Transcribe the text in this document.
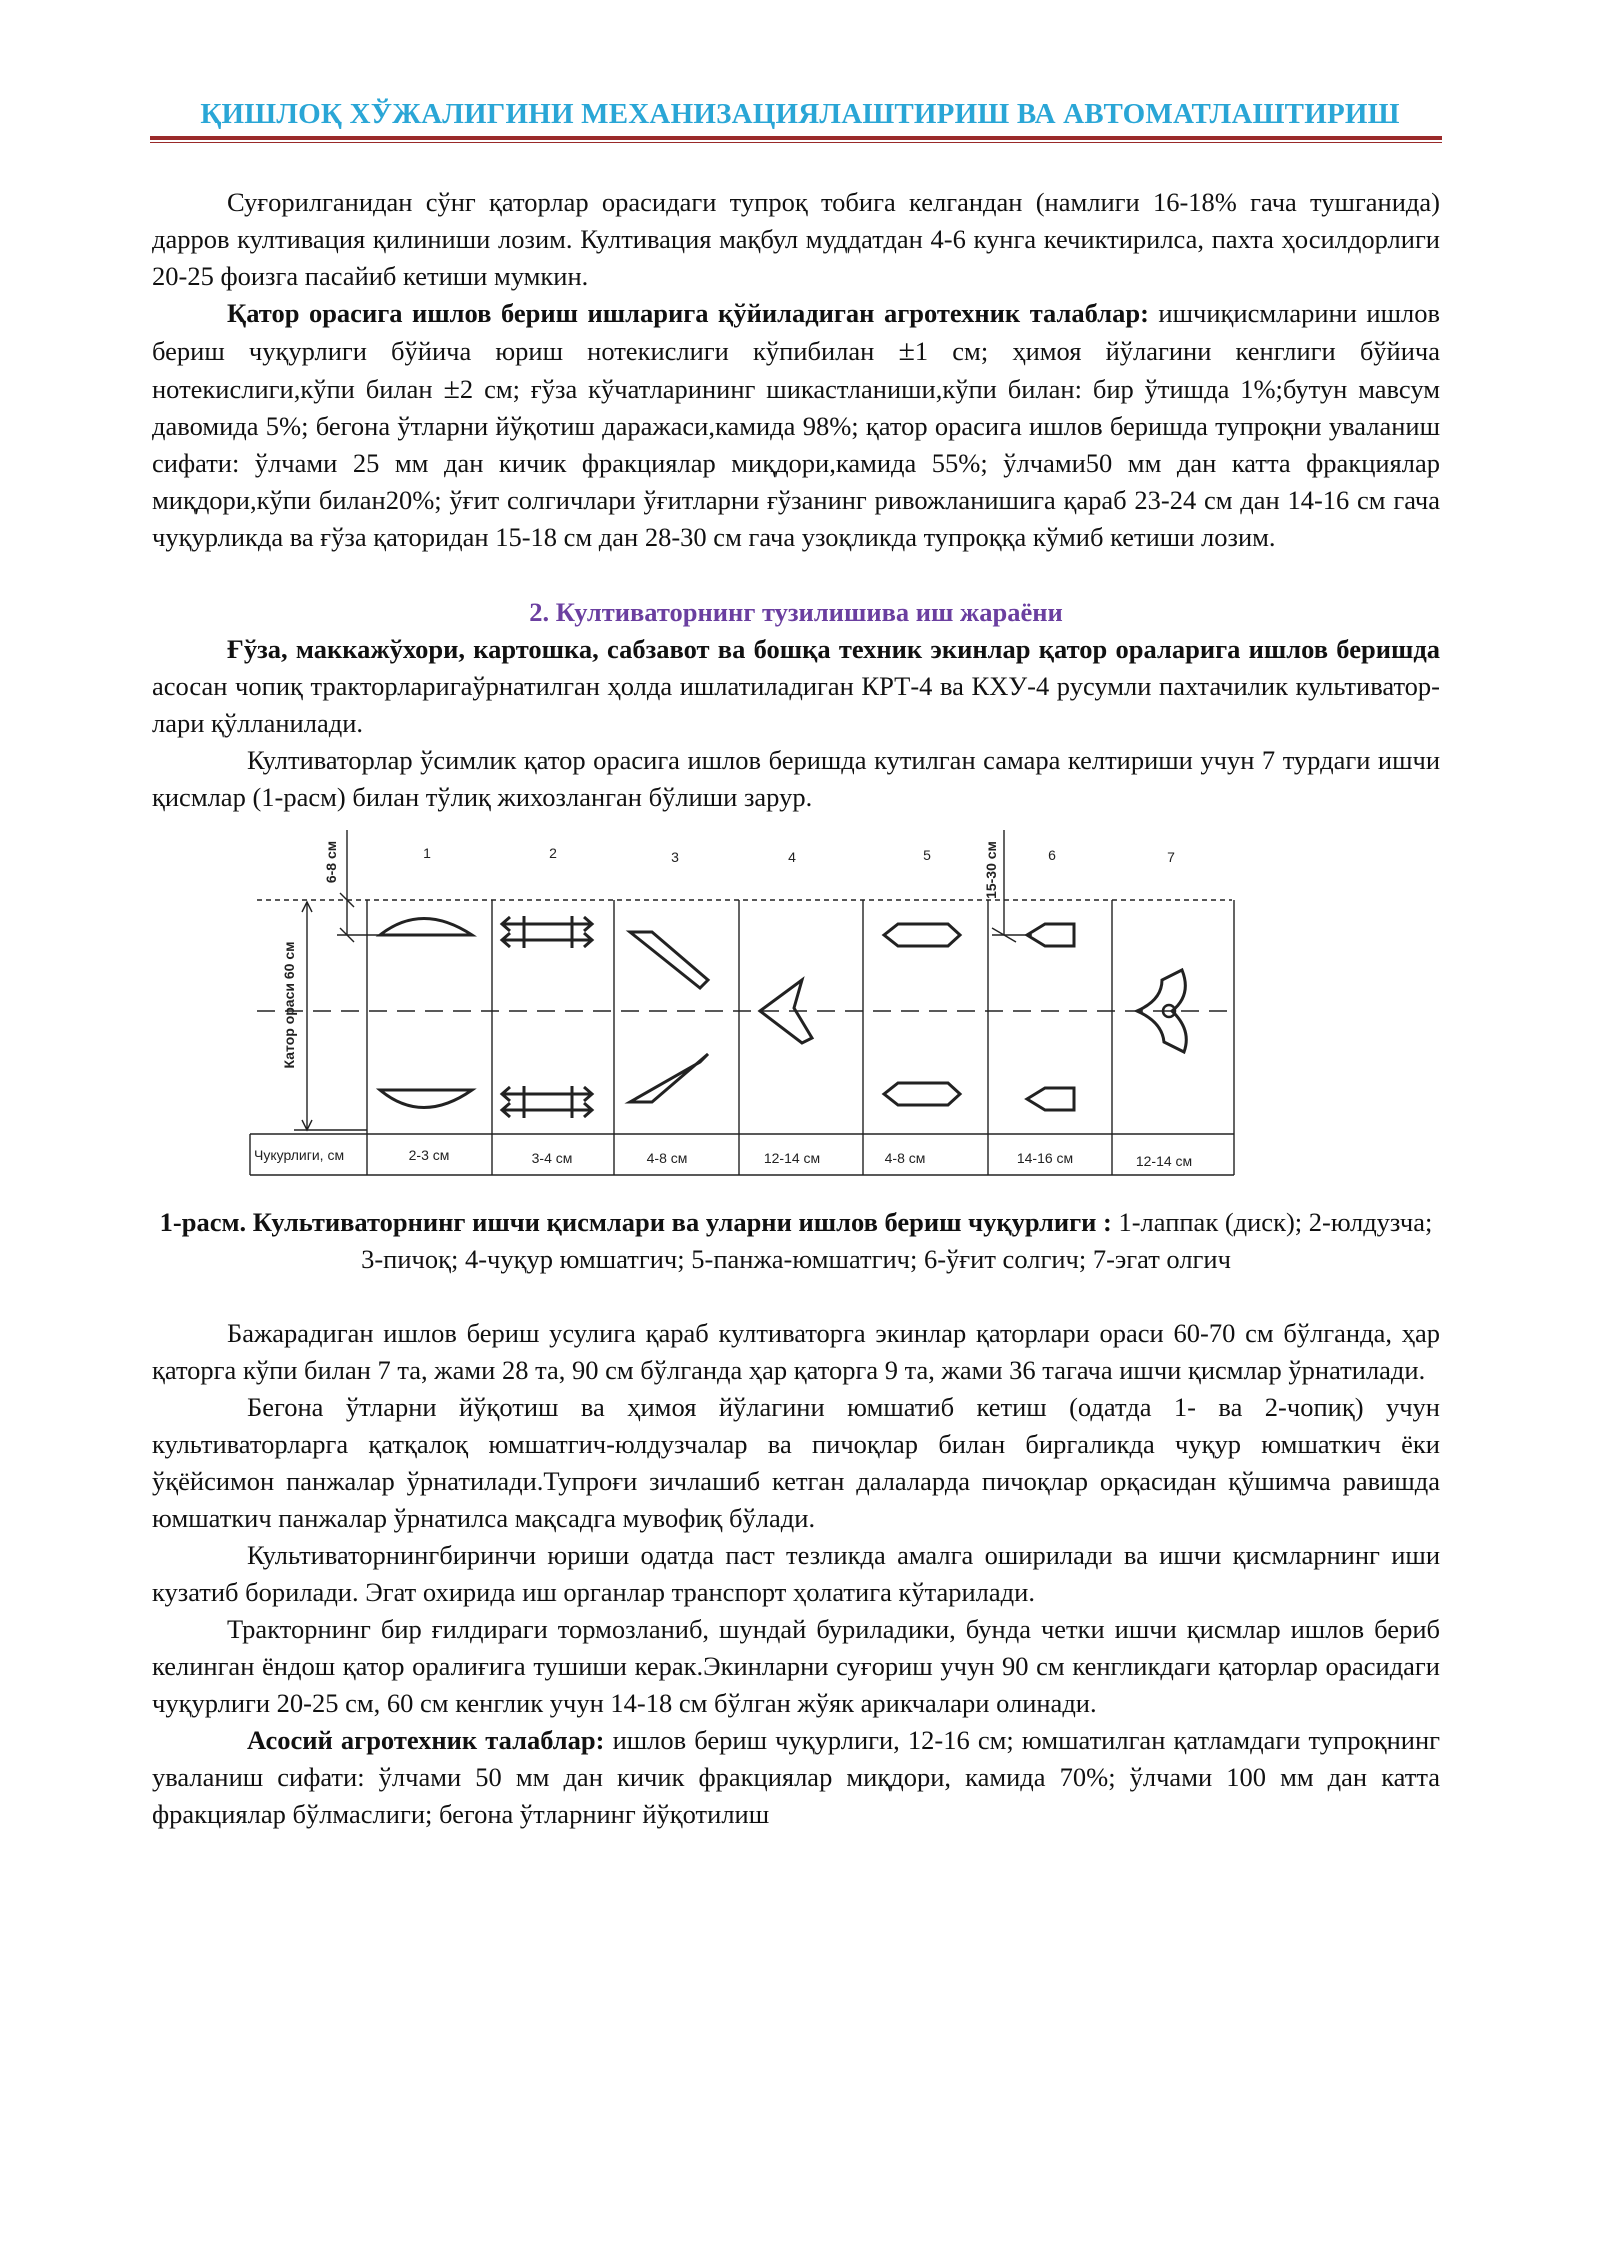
ҚИШЛОҚ ХЎЖАЛИГИНИ МЕХАНИЗАЦИЯЛАШТИРИШ ВА АВТОМАТЛАШТИРИШ

Суғорилганидан сўнг қаторлар орасидаги тупроқ тобига келгандан (намлиги 16-18% гача тушганида) дарров култивация қилиниши лозим. Култивация мақбул муддатдан 4-6 кунга кечиктирилса, пахта ҳосилдорлиги 20-25 фоизга пасайиб кетиши мумкин.

Қатор орасига ишлов бериш ишларига қўйиладиган агротехник талаблар: ишчиқисмларини ишлов бериш чуқурлиги бўйича юриш нотекислиги кўпибилан ±1 см; ҳимоя йўлагини кенглиги бўйича нотекислиги,кўпи билан ±2 см; ғўза кўчатларининг шикастланиши,кўпи билан: бир ўтишда 1%;бутун мавсум давомида 5%; бегона ўтларни йўқотиш даражаси,камида 98%; қатор орасига ишлов беришда тупроқни уваланиш сифати: ўлчами 25 мм дан кичик фракциялар миқдори,камида 55%; ўлчами50 мм дан катта фракциялар миқдори,кўпи билан20%; ўғит солгичлари ўғитларни ғўзанинг ривожланишига қараб 23-24 см дан 14-16 см гача чуқурликда ва ғўза қаторидан 15-18 см дан 28-30 см гача узоқликда тупроққа кўмиб кетиши лозим.

2. Култиваторнинг тузилишива иш жараёни

Ғўза, маккажўхори, картошка, сабзавот ва бошқа техник экинлар қатор ораларига ишлов беришда асосан чопиқ тракторларигаўрнатилган ҳолда ишлатиладиган КРТ-4 ва КХУ-4 русумли пахтачилик культиватор-лари қўлланилади.

Култиваторлар ўсимлик қатор орасига ишлов беришда кутилган самара келтириши учун 7 турдаги ишчи қисмлар (1-расм) билан тўлиқ жихозланган бўлиши зарур.

1	2	3	4	5	6	7
6-8 см	15-30 см
Катор ораси 60 см
Чукурлиги, см	2-3 см	3-4 см	4-8 см	12-14 см	4-8 см	14-16 см	12-14 см

1-расм. Культиваторнинг ишчи қисмлари ва уларни ишлов бериш чуқурлиги : 1-лаппак (диск); 2-юлдузча; 3-пичоқ; 4-чуқур юмшатгич; 5-панжа-юмшатгич; 6-ўғит солгич; 7-эгат олгич

Бажарадиган ишлов бериш усулига қараб култиваторга экинлар қаторлари ораси 60-70 см бўлганда, ҳар қаторга кўпи билан 7 та, жами 28 та, 90 см бўлганда ҳар қаторга 9 та, жами 36 тагача ишчи қисмлар ўрнатилади.

Бегона ўтларни йўқотиш ва ҳимоя йўлагини юмшатиб кетиш (одатда 1- ва 2-чопиқ) учун культиваторларга қатқалоқ юмшатгич-юлдузчалар ва пичоқлар билан биргаликда чуқур юмшаткич ёки ўқёйсимон панжалар ўрнатилади.Тупроғи зичлашиб кетган далаларда пичоқлар орқасидан қўшимча равишда юмшаткич панжалар ўрнатилса мақсадга мувофиқ бўлади.

Культиваторнингбиринчи юриши одатда паст тезликда амалга оширилади ва ишчи қисмларнинг иши кузатиб борилади. Эгат охирида иш органлар транспорт ҳолатига кўтарилади.

Тракторнинг бир ғилдираги тормозланиб, шундай буриладики, бунда четки ишчи қисмлар ишлов бериб келинган ёндош қатор оралиғига тушиши керак.Экинларни суғориш учун 90 см кенгликдаги қаторлар орасидаги чуқурлиги 20-25 см, 60 см кенглик учун 14-18 см бўлган жўяк арикчалари олинади.

Асосий агротехник талаблар: ишлов бериш чуқурлиги, 12-16 см; юмшатилган қатламдаги тупроқнинг уваланиш сифати: ўлчами 50 мм дан кичик фракциялар миқдори, камида 70%; ўлчами 100 мм дан катта фракциялар бўлмаслиги; бегона ўтларнинг йўқотилиш
